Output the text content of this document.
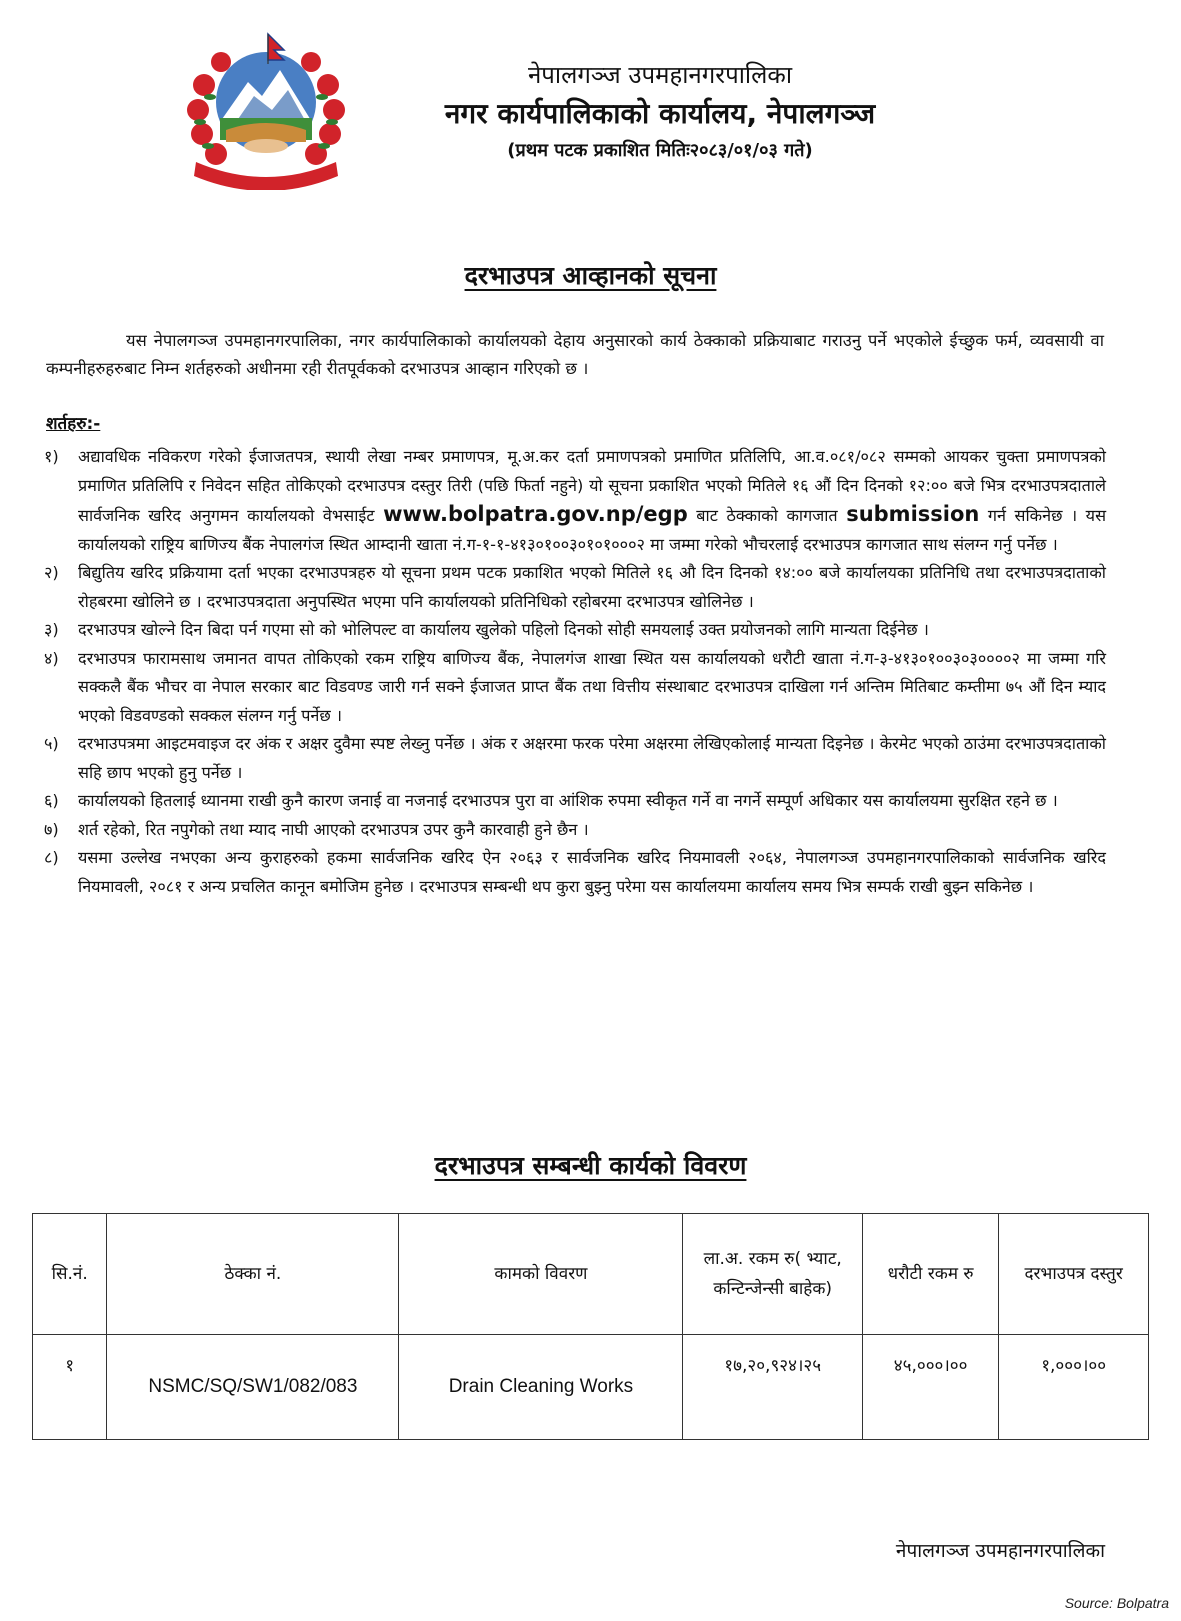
नेपालगञ्ज उपमहानगरपालिका
नगर कार्यपालिकाको कार्यालय, नेपालगञ्ज
(प्रथम पटक प्रकाशित मितिः२०८३/०१/०३ गते)
दरभाउपत्र आव्हानको सूचना

यस नेपालगञ्ज उपमहानगरपालिका, नगर कार्यपालिकाको कार्यालयको देहाय अनुसारको कार्य ठेक्काको प्रक्रियाबाट गराउनु पर्ने भएकोले ईच्छुक फर्म, व्यवसायी वा कम्पनीहरुहरुबाट निम्न शर्तहरुको अधीनमा रही रीतपूर्वकको दरभाउपत्र आव्हान गरिएको छ ।

शर्तहरु:-

१) अद्यावधिक नविकरण गरेको ईजाजतपत्र, स्थायी लेखा नम्बर प्रमाणपत्र, मू.अ.कर दर्ता प्रमाणपत्रको प्रमाणित प्रतिलिपि, आ.व.०८१/०८२ सम्मको आयकर चुक्ता प्रमाणपत्रको प्रमाणित प्रतिलिपि र निवेदन सहित तोकिएको दरभाउपत्र दस्तुर तिरी (पछि फिर्ता नहुने) यो सूचना प्रकाशित भएको मितिले १६ औं दिन दिनको १२:०० बजे भित्र दरभाउपत्रदाताले सार्वजनिक खरिद अनुगमन कार्यालयको वेभसाईट www.bolpatra.gov.np/egp बाट ठेक्काको कागजात submission गर्न सकिनेछ । यस कार्यालयको राष्ट्रिय बाणिज्य बैंक नेपालगंज स्थित आम्दानी खाता नं.ग-१-१-४१३०१००३०१०१०००२ मा जम्मा गरेको भौचरलाई दरभाउपत्र कागजात साथ संलग्न गर्नु पर्नेछ ।

२) बिद्युतिय खरिद प्रक्रियामा दर्ता भएका दरभाउपत्रहरु यो सूचना प्रथम पटक प्रकाशित भएको मितिले १६ औ दिन दिनको १४:०० बजे कार्यालयका प्रतिनिधि तथा दरभाउपत्रदाताको रोहबरमा खोलिने छ । दरभाउपत्रदाता अनुपस्थित भएमा पनि कार्यालयको प्रतिनिधिको रहोबरमा दरभाउपत्र खोलिनेछ ।

३) दरभाउपत्र खोल्ने दिन बिदा पर्न गएमा सो को भोलिपल्ट वा कार्यालय खुलेको पहिलो दिनको सोही समयलाई उक्त प्रयोजनको लागि मान्यता दिईनेछ ।

४) दरभाउपत्र फारामसाथ जमानत वापत तोकिएको रकम राष्ट्रिय बाणिज्य बैंक, नेपालगंज शाखा स्थित यस कार्यालयको धरौटी खाता नं.ग-३-४१३०१००३०३००००२ मा जम्मा गरि सक्कलै बैंक भौचर वा नेपाल सरकार बाट विडवण्ड जारी गर्न सक्ने ईजाजत प्राप्त बैंक तथा वित्तीय संस्थाबाट दरभाउपत्र दाखिला गर्न अन्तिम मितिबाट कम्तीमा ७५ औं दिन म्याद भएको विडवण्डको सक्कल संलग्न गर्नु पर्नेछ ।

५) दरभाउपत्रमा आइटमवाइज दर अंक र अक्षर दुवैमा स्पष्ट लेख्नु पर्नेछ । अंक र अक्षरमा फरक परेमा अक्षरमा लेखिएकोलाई मान्यता दिइनेछ । केरमेट भएको ठाउंमा दरभाउपत्रदाताको सहि छाप भएको हुनु पर्नेछ ।

६) कार्यालयको हितलाई ध्यानमा राखी कुनै कारण जनाई वा नजनाई दरभाउपत्र पुरा वा आंशिक रुपमा स्वीकृत गर्ने वा नगर्ने सम्पूर्ण अधिकार यस कार्यालयमा सुरक्षित रहने छ ।

७) शर्त रहेको, रित नपुगेको तथा म्याद नाघी आएको दरभाउपत्र उपर कुनै कारवाही हुने छैन ।

८) यसमा उल्लेख नभएका अन्य कुराहरुको हकमा सार्वजनिक खरिद ऐन २०६३ र सार्वजनिक खरिद नियमावली २०६४, नेपालगञ्ज उपमहानगरपालिकाको सार्वजनिक खरिद नियमावली, २०८१ र अन्य प्रचलित कानून बमोजिम हुनेछ । दरभाउपत्र सम्बन्धी थप कुरा बुझ्नु परेमा यस कार्यालयमा कार्यालय समय भित्र सम्पर्क राखी बुझ्न सकिनेछ ।

दरभाउपत्र सम्बन्धी कार्यको विवरण
सि.नं.	ठेक्का नं.	कामको विवरण	ला.अ. रकम रु( भ्याट, कन्टिन्जेन्सी बाहेक)	धरौटी रकम रु	दरभाउपत्र दस्तुर
१	NSMC/SQ/SW1/082/083	Drain Cleaning Works	१७,२०,९२४।२५	४५,०००।००	१,०००।००
नेपालगञ्ज उपमहानगरपालिका
Source: Bolpatra
